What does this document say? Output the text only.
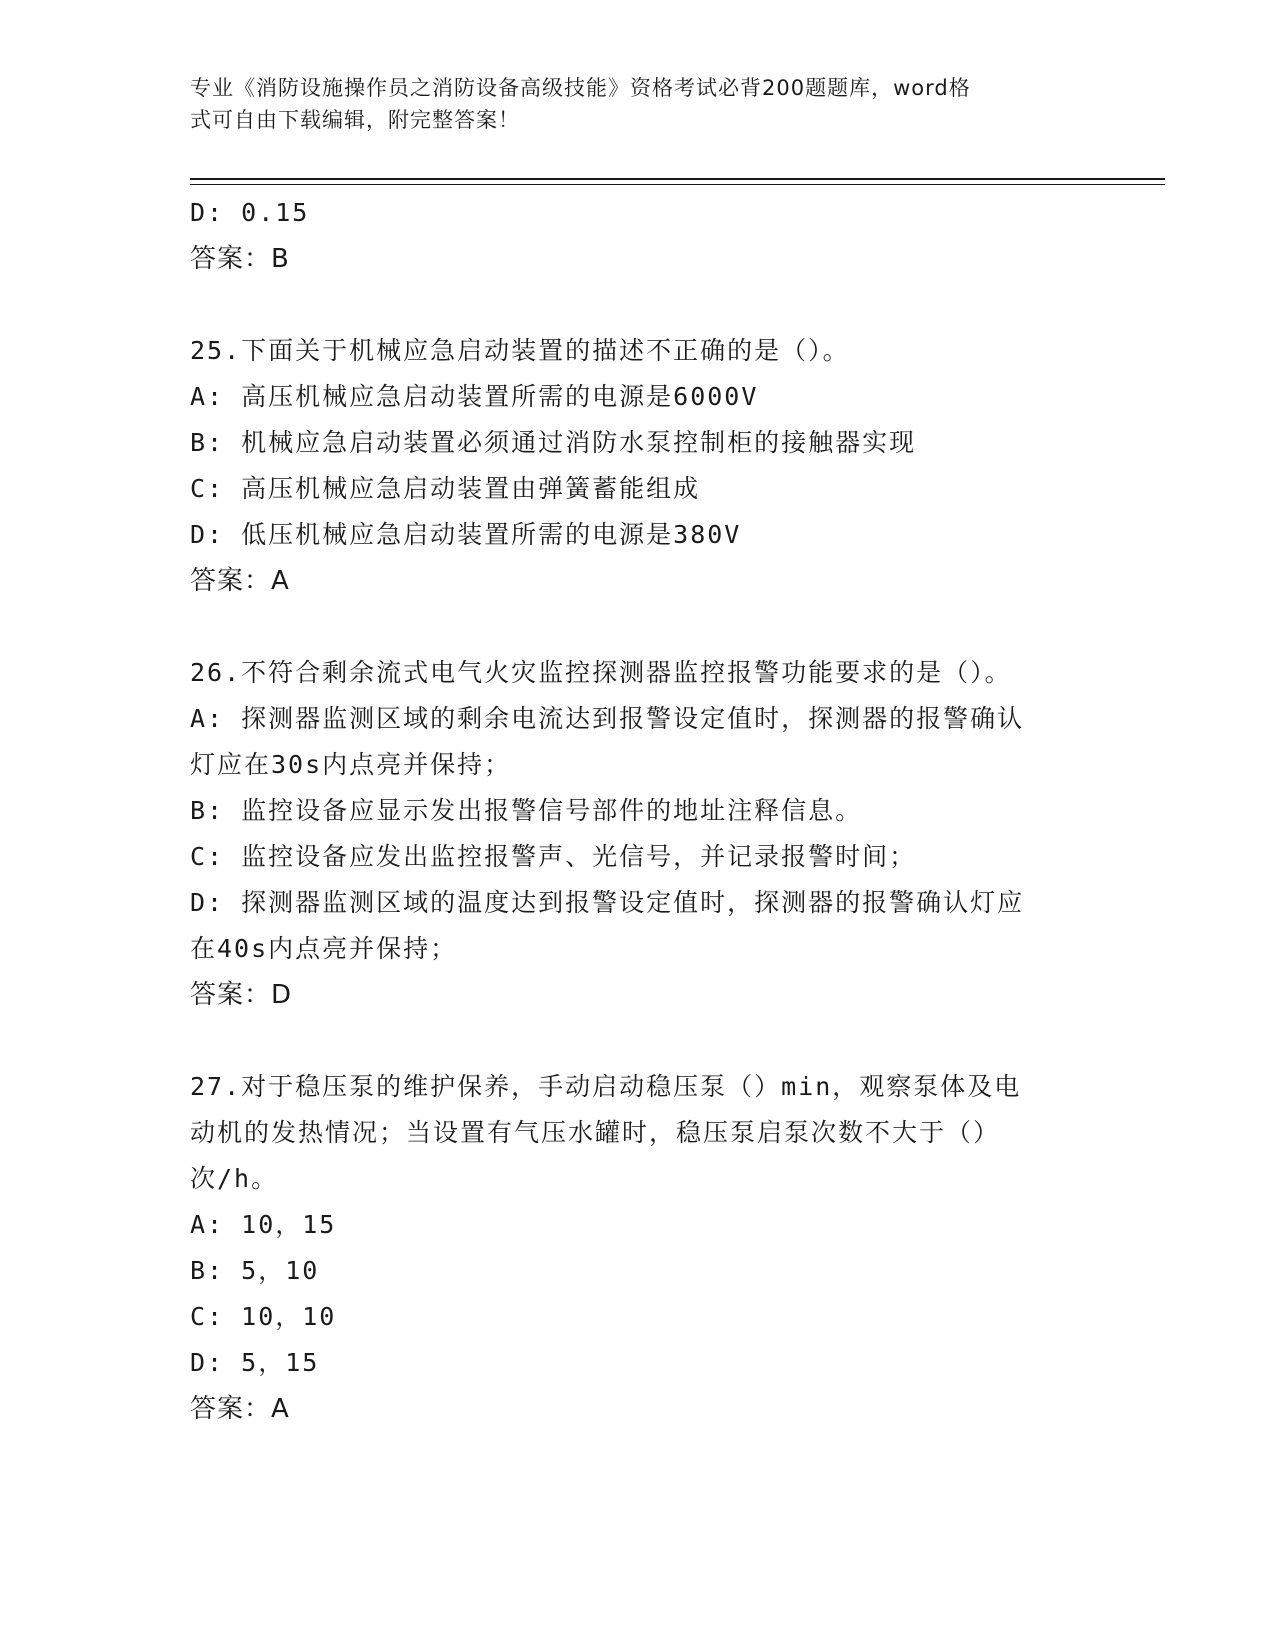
专业《消防设施操作员之消防设备高级技能》资格考试必背200题题库，word格
式可自由下载编辑，附完整答案！
D: 0.15
答案：B
25.下面关于机械应急启动装置的描述不正确的是（）。
A: 高压机械应急启动装置所需的电源是6000V
B: 机械应急启动装置必须通过消防水泵控制柜的接触器实现
C: 高压机械应急启动装置由弹簧蓄能组成
D: 低压机械应急启动装置所需的电源是380V
答案：A
26.不符合剩余流式电气火灾监控探测器监控报警功能要求的是（）。
A: 探测器监测区域的剩余电流达到报警设定值时，探测器的报警确认
灯应在30s内点亮并保持；
B: 监控设备应显示发出报警信号部件的地址注释信息。
C: 监控设备应发出监控报警声、光信号，并记录报警时间；
D: 探测器监测区域的温度达到报警设定值时，探测器的报警确认灯应
在40s内点亮并保持；
答案：D
27.对于稳压泵的维护保养，手动启动稳压泵（）min，观察泵体及电
动机的发热情况；当设置有气压水罐时，稳压泵启泵次数不大于（）
次/h。
A: 10，15
B: 5，10
C: 10，10
D: 5，15
答案：A
